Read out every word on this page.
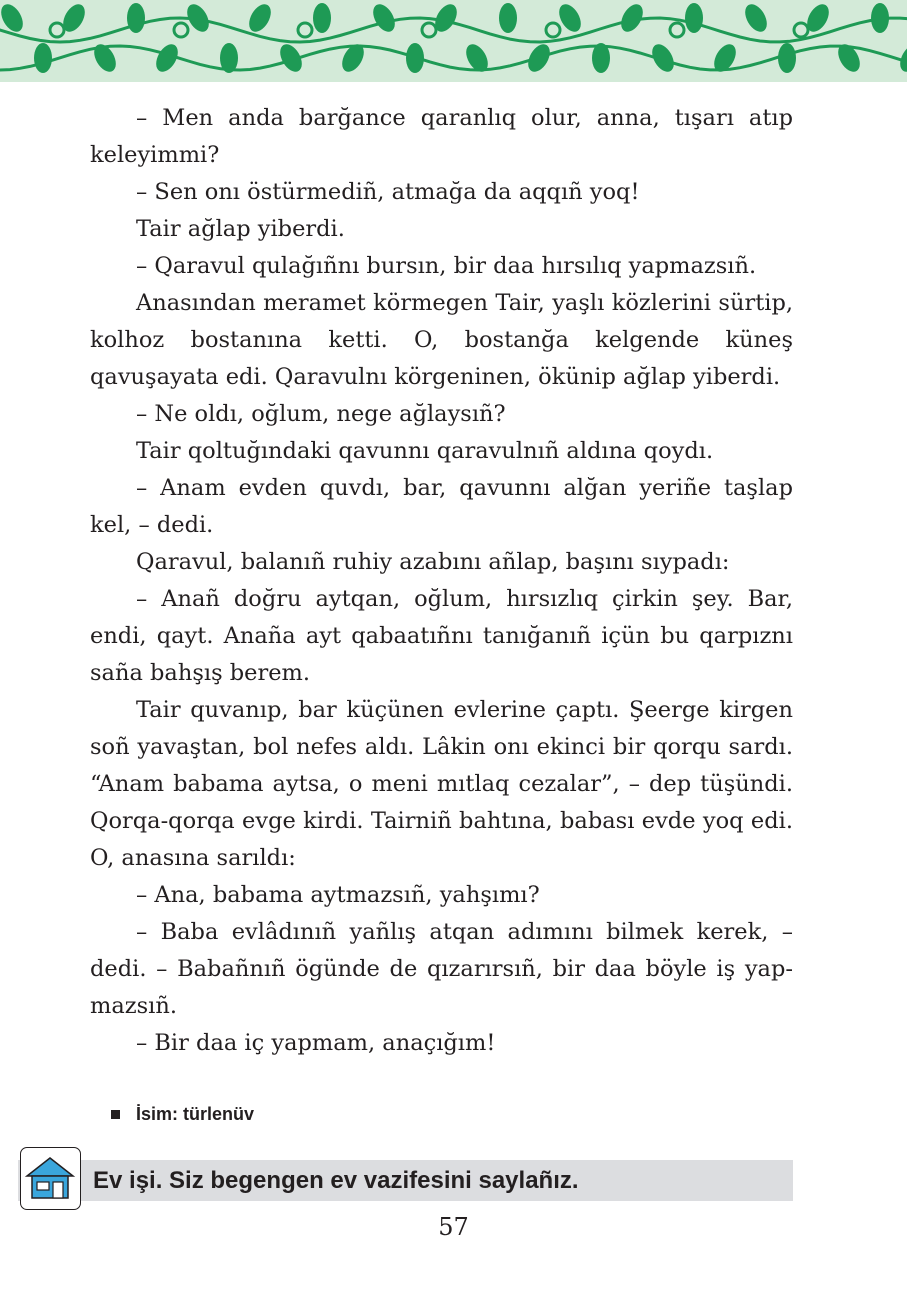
– Men anda barğance qaranlıq olur, anna, tışarı atıp keleyimmi?

– Sen onı östürmediñ, atmağa da aqqıñ yoq!

Tair ağlap yiberdi.

– Qaravul qulağıñnı bursın, bir daa hırsılıq yapmazsıñ.

Anasından meramet körmegen Tair, yaşlı közlerini sürtip, kolhoz bostanına ketti. O, bostanğa kelgende küneş qavuşayata edi. Qaravulnı körgeninen, ökünip ağlap yiberdi.

– Ne oldı, oğlum, nege ağlaysıñ?

Tair qoltuğındaki qavunnı qaravulnıñ aldına qoydı.

– Anam evden quvdı, bar, qavunnı alğan yeriñe taşlap kel, – dedi.

Qaravul, balanıñ ruhiy azabını añlap, başını sıypadı:

– Anañ doğru aytqan, oğlum, hırsızlıq çirkin şey. Bar, endi, qayt. Anaña ayt qabaatıñnı tanığanıñ içün bu qarpıznı saña bahşış berem.

Tair quvanıp, bar küçünen evlerine çaptı. Şeerge kirgen soñ yavaştan, bol nefes aldı. Lâkin onı ekinci bir qorqu sardı. “Anam babama aytsa, o meni mıtlaq cezalar”, – dep tüşündi. Qorqa-qorqa evge kirdi. Tairniñ bahtına, babası evde yoq edi. O, anasına sarıldı:

– Ana, babama aytmazsıñ, yahşımı?

– Baba evlâdınıñ yañlış atqan adımını bilmek kerek, – dedi. – Babañnıñ ögünde de qızarırsıñ, bir daa böyle iş yapmazsıñ.

– Bir daa iç yapmam, anaçığım!

İsim: türlenüv
Ev işi. Siz begengen ev vazifesini saylañız.
57
